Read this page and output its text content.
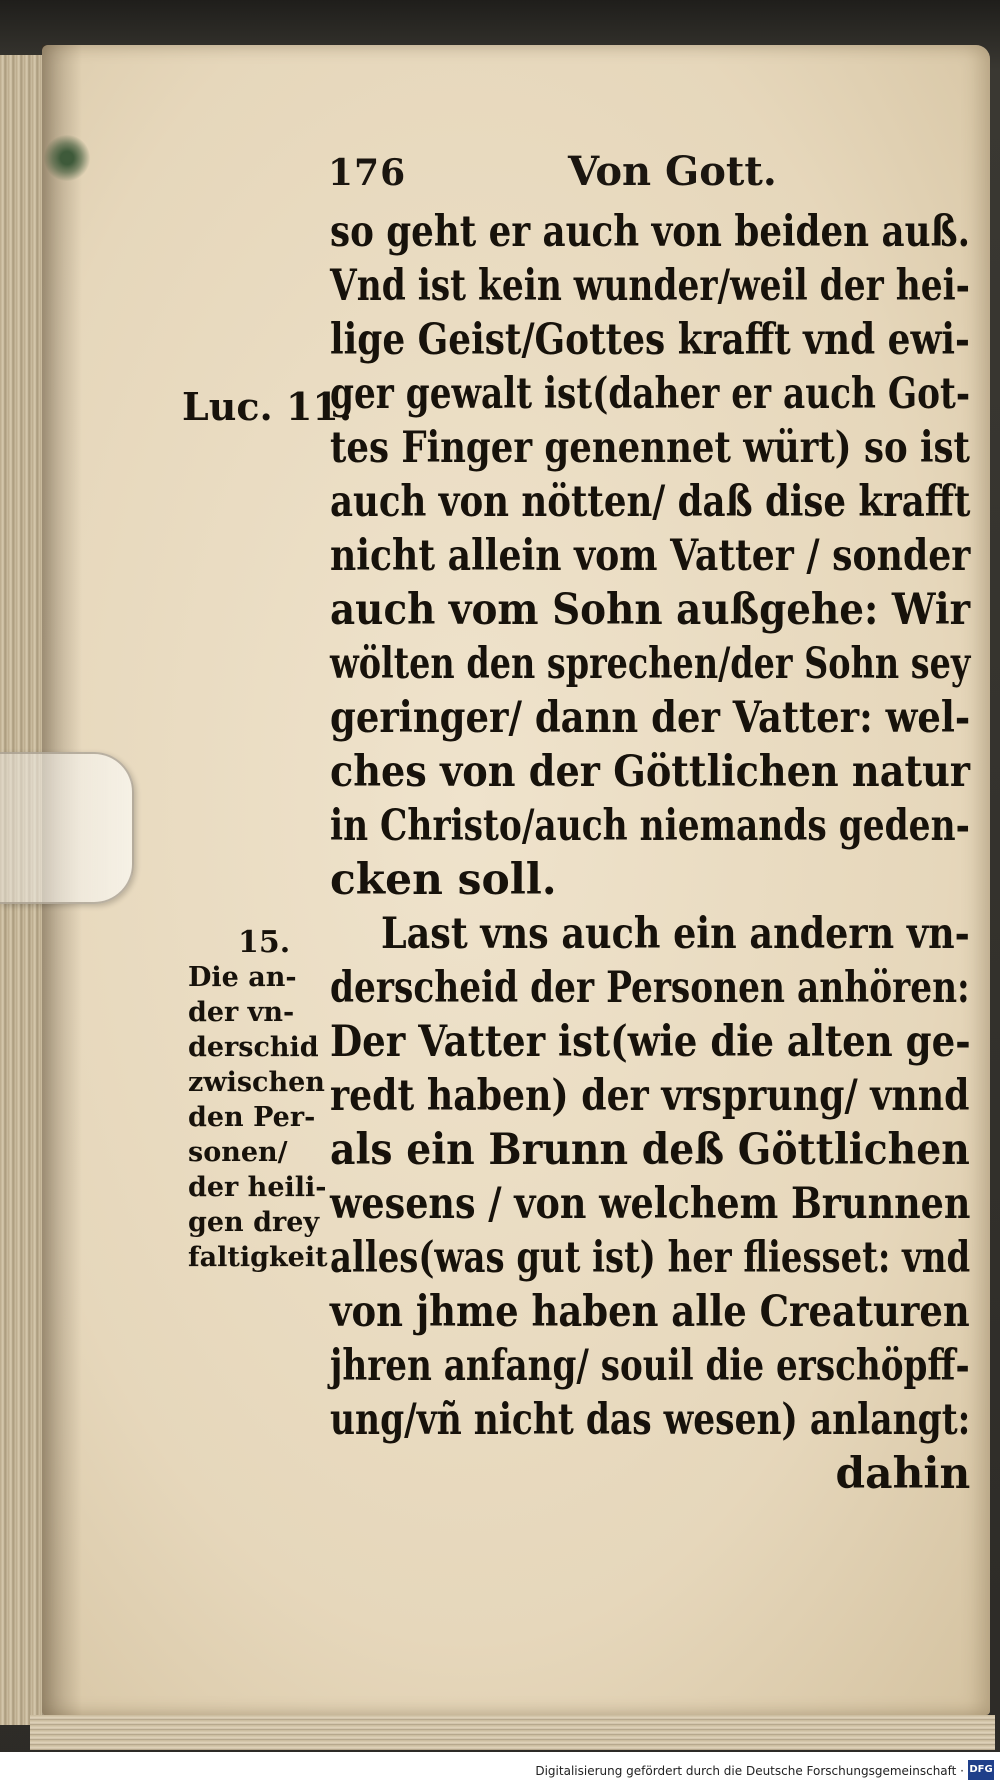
176	Von Gott.
Luc. 11.
15.
Die an-
der vn-
derschid
zwischen
den Per-
sonen/
der heili-
gen drey
faltigkeit
so geht er auch von beiden auß.
Vnd ist kein wunder/weil der hei-
lige Geist/Gottes krafft vnd ewi-
ger gewalt ist(daher er auch Got-
tes Finger genennet würt) so ist
auch von nötten/ daß dise krafft
nicht allein vom Vatter / sonder
auch vom Sohn außgehe: Wir
wölten den sprechen/der Sohn sey
geringer/ dann der Vatter: wel-
ches von der Göttlichen natur
in Christo/auch niemands geden-
cken soll.
Last vns auch ein andern vn-
derscheid der Personen anhören:
Der Vatter ist(wie die alten ge-
redt haben) der vrsprung/ vnnd
als ein Brunn deß Göttlichen
wesens / von welchem Brunnen
alles(was gut ist) her fliesset: vnd
von jhme haben alle Creaturen
jhren anfang/ souil die erschöpff-
ung/vñ nicht das wesen) anlangt:
dahin
Digitalisierung gefördert durch die Deutsche Forschungsgemeinschaft · DFG
